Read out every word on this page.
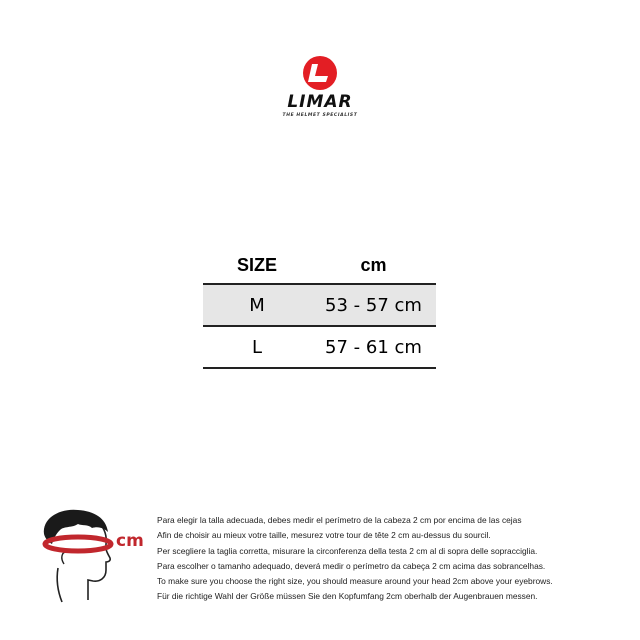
LIMAR
THE HELMET SPECIALIST
SIZE	cm
M	53 - 57 cm
L	57 - 61 cm
cm

Para elegir la talla adecuada, debes medir el perímetro de la cabeza 2 cm por encima de las cejas

Afin de choisir au mieux votre taille, mesurez votre tour de tête 2 cm au-dessus du sourcil.

Per scegliere la taglia corretta, misurare la circonferenza della testa 2 cm al di sopra delle sopracciglia.

Para escolher o tamanho adequado, deverá medir o perímetro da cabeça 2 cm acima das sobrancelhas.

To make sure you choose the right size, you should measure around your head 2cm above your eyebrows.

Für die richtige Wahl der Größe müssen Sie den Kopfumfang 2cm oberhalb der Augenbrauen messen.
